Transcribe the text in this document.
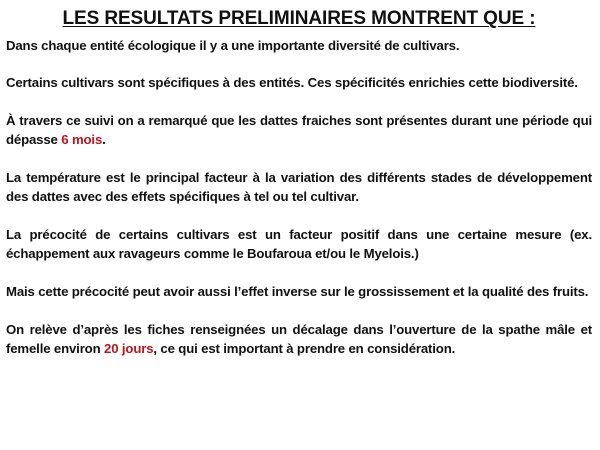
LES RESULTATS PRELIMINAIRES MONTRENT QUE :
Dans chaque entité écologique il y a une importante diversité de cultivars.
Certains cultivars sont spécifiques à des entités. Ces spécificités enrichies cette biodiversité.
À travers ce suivi on a remarqué que les dattes fraiches sont présentes durant une période qui dépasse 6 mois.
La température est le principal facteur à la variation des différents stades de développement des dattes avec des effets spécifiques à tel ou tel cultivar.
La précocité de certains cultivars est un facteur positif dans une certaine mesure (ex. échappement aux ravageurs comme le Boufaroua et/ou le Myelois.)
Mais cette précocité peut avoir aussi l’effet inverse sur le grossissement et la qualité des fruits.
On relève d’après les fiches renseignées un décalage dans l’ouverture de la spathe mâle et femelle environ 20 jours, ce qui est important à prendre en considération.
